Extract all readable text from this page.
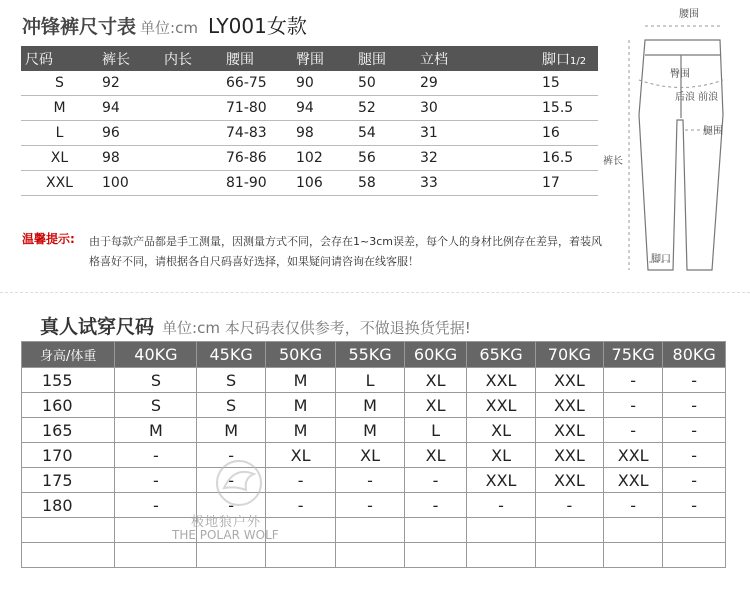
冲锋裤尺寸表 单位:cm LY001女款
尺码	裤长	内长	腰围	臀围	腿围	立档	脚口1/2
S	92		66-75	90	50	29	15
M	94		71-80	94	52	30	15.5
L	96		74-83	98	54	31	16
XL	98		76-86	102	56	32	16.5
XXL	100		81-90	106	58	33	17
温馨提示: 由于每款产品都是手工测量，因测量方式不同，会存在1~3cm误差，每个人的身材比例存在差异，着装风格喜好不同，请根据各自尺码喜好选择，如果疑问请咨询在线客服！
腰围
臀围
后浪 前浪
腿围
裤长
脚口
真人试穿尺码 单位:cm 本尺码表仅供参考，不做退换货凭据!
身高/体重	40KG	45KG	50KG	55KG	60KG	65KG	70KG	75KG	80KG
155	S	S	M	L	XL	XXL	XXL	-	-
160	S	S	M	M	XL	XXL	XXL	-	-
165	M	M	M	M	L	XL	XXL	-	-
170	-	-	XL	XL	XL	XL	XXL	XXL	-
175	-	-	-	-	-	XXL	XXL	XXL	-
180	-	-	-	-	-	-	-	-	-

极地狼户外
THE POLAR WOLF
